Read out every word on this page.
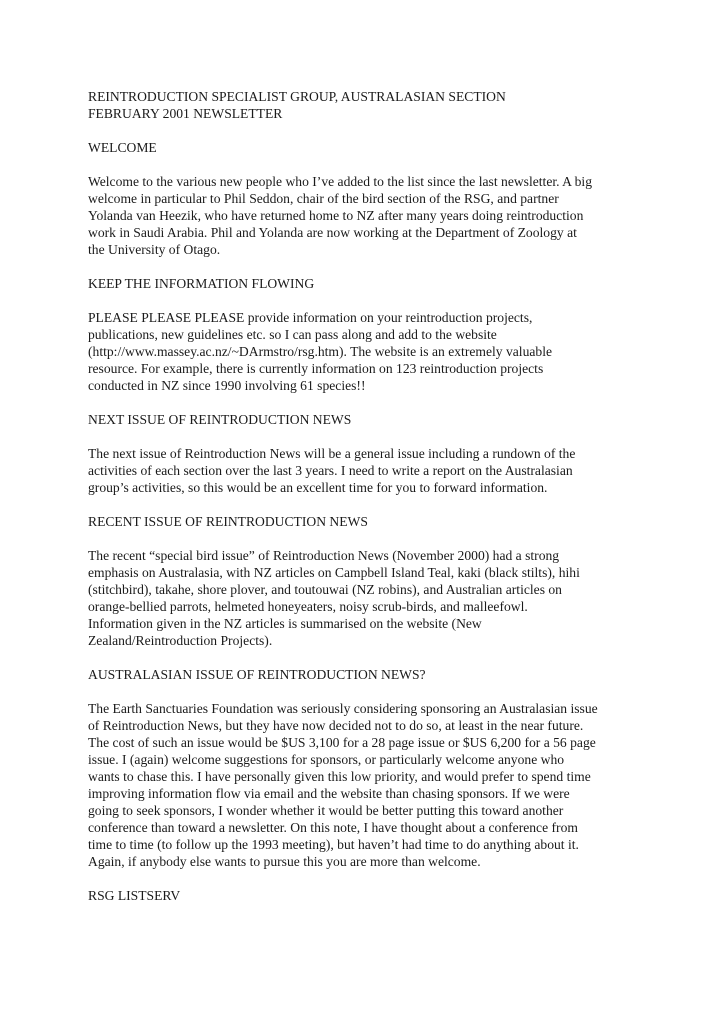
REINTRODUCTION SPECIALIST GROUP, AUSTRALASIAN SECTION
FEBRUARY 2001 NEWSLETTER
WELCOME
Welcome to the various new people who I’ve added to the list since the last newsletter. A big
welcome in particular to Phil Seddon, chair of the bird section of the RSG, and partner
Yolanda van Heezik, who have returned home to NZ after many years doing reintroduction
work in Saudi Arabia. Phil and Yolanda are now working at the Department of Zoology at
the University of Otago.
KEEP THE INFORMATION FLOWING
PLEASE PLEASE PLEASE provide information on your reintroduction projects,
publications, new guidelines etc. so I can pass along and add to the website
(http://www.massey.ac.nz/~DArmstro/rsg.htm). The website is an extremely valuable
resource. For example, there is currently information on 123 reintroduction projects
conducted in NZ since 1990 involving 61 species!!
NEXT ISSUE OF REINTRODUCTION NEWS
The next issue of Reintroduction News will be a general issue including a rundown of the
activities of each section over the last 3 years. I need to write a report on the Australasian
group’s activities, so this would be an excellent time for you to forward information.
RECENT ISSUE OF REINTRODUCTION NEWS
The recent “special bird issue” of Reintroduction News (November 2000) had a strong
emphasis on Australasia, with NZ articles on Campbell Island Teal, kaki (black stilts), hihi
(stitchbird), takahe, shore plover, and toutouwai (NZ robins), and Australian articles on
orange-bellied parrots, helmeted honeyeaters, noisy scrub-birds, and malleefowl.
Information given in the NZ articles is summarised on the website (New
Zealand/Reintroduction Projects).
AUSTRALASIAN ISSUE OF REINTRODUCTION NEWS?
The Earth Sanctuaries Foundation was seriously considering sponsoring an Australasian issue
of Reintroduction News, but they have now decided not to do so, at least in the near future.
The cost of such an issue would be $US 3,100 for a 28 page issue or $US 6,200 for a 56 page
issue. I (again) welcome suggestions for sponsors, or particularly welcome anyone who
wants to chase this. I have personally given this low priority, and would prefer to spend time
improving information flow via email and the website than chasing sponsors. If we were
going to seek sponsors, I wonder whether it would be better putting this toward another
conference than toward a newsletter. On this note, I have thought about a conference from
time to time (to follow up the 1993 meeting), but haven’t had time to do anything about it.
Again, if anybody else wants to pursue this you are more than welcome.
RSG LISTSERV
